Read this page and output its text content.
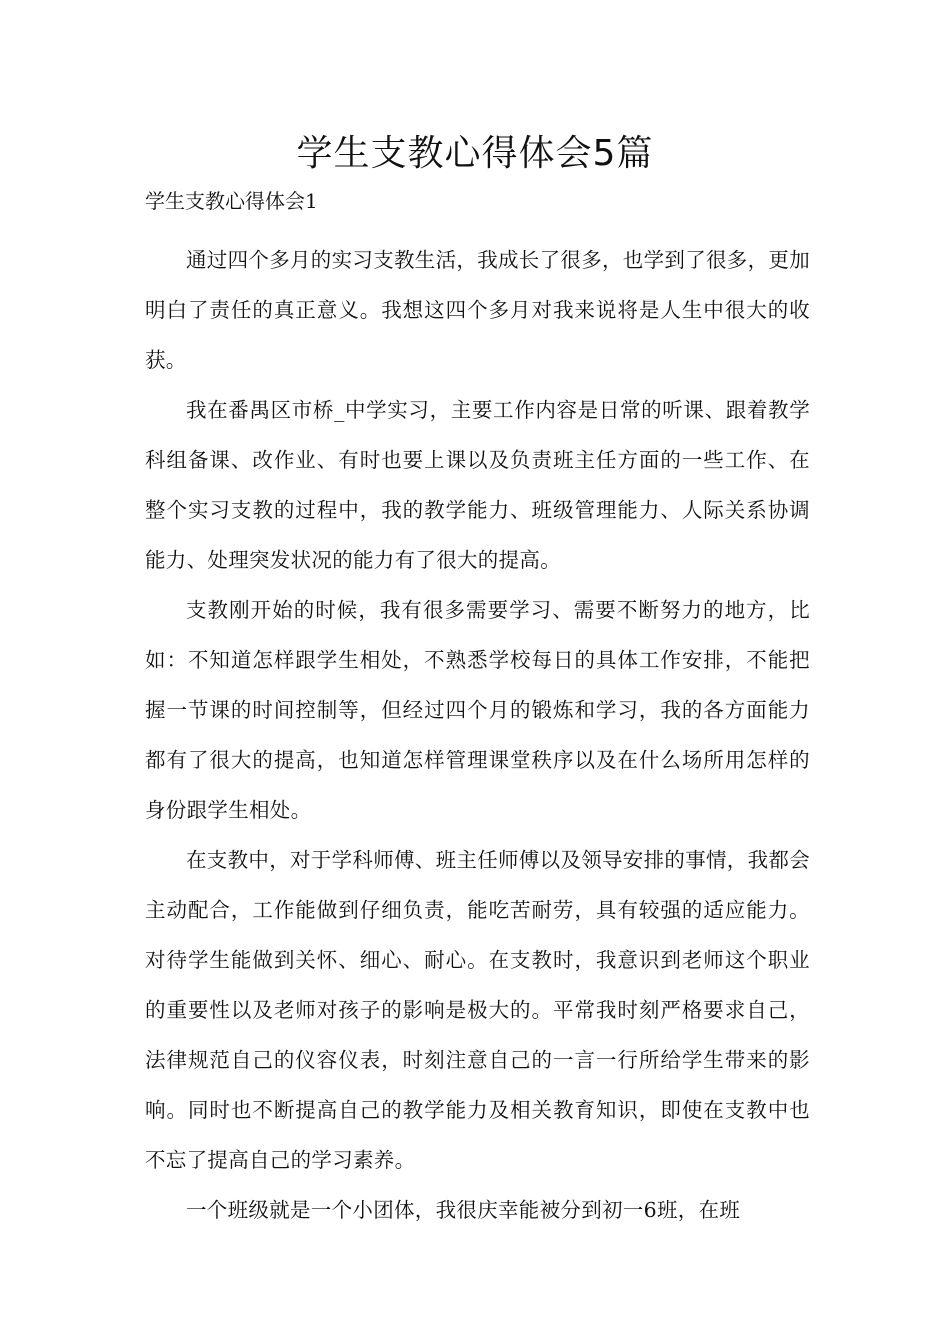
学生支教心得体会5篇

学生支教心得体会1

通过四个多月的实习支教生活，我成长了很多，也学到了很多，更加明白了责任的真正意义。我想这四个多月对我来说将是人生中很大的收获。

我在番禺区市桥_中学实习，主要工作内容是日常的听课、跟着教学科组备课、改作业、有时也要上课以及负责班主任方面的一些工作、在整个实习支教的过程中，我的教学能力、班级管理能力、人际关系协调能力、处理突发状况的能力有了很大的提高。

支教刚开始的时候，我有很多需要学习、需要不断努力的地方，比如：不知道怎样跟学生相处，不熟悉学校每日的具体工作安排，不能把握一节课的时间控制等，但经过四个月的锻炼和学习，我的各方面能力都有了很大的提高，也知道怎样管理课堂秩序以及在什么场所用怎样的身份跟学生相处。

在支教中，对于学科师傅、班主任师傅以及领导安排的事情，我都会主动配合，工作能做到仔细负责，能吃苦耐劳，具有较强的适应能力。对待学生能做到关怀、细心、耐心。在支教时，我意识到老师这个职业的重要性以及老师对孩子的影响是极大的。平常我时刻严格要求自己，法律规范自己的仪容仪表，时刻注意自己的一言一行所给学生带来的影响。同时也不断提高自己的教学能力及相关教育知识，即使在支教中也不忘了提高自己的学习素养。

一个班级就是一个小团体，我很庆幸能被分到初一6班，在班
